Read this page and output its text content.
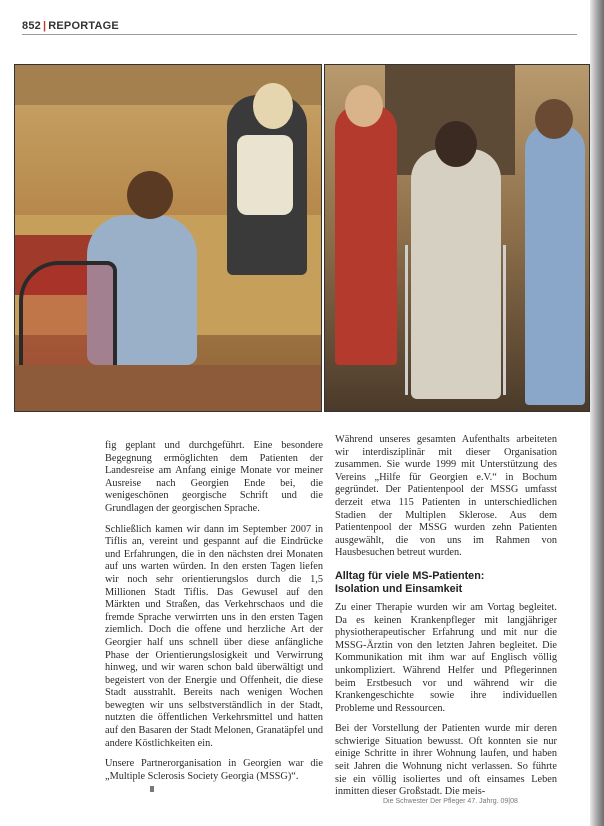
852 | REPORTAGE

fig geplant und durchgeführt. Eine besondere Begegnung ermöglichten dem Patienten der Landesreise am Anfang einige Monate vor meiner Ausreise nach Georgien Ende bei, die wenigeschönen georgische Schrift und die Grundlagen der georgischen Sprache.

Schließlich kamen wir dann im September 2007 in Tiflis an, vereint und gespannt auf die Eindrücke und Erfahrungen, die in den nächsten drei Monaten auf uns warten würden. In den ersten Tagen liefen wir noch sehr orientierungslos durch die 1,5 Millionen Stadt Tiflis. Das Gewusel auf den Märkten und Straßen, das Verkehrschaos und die fremde Sprache verwirrten uns in den ersten Tagen ziemlich. Doch die offene und herzliche Art der Georgier half uns schnell über diese anfängliche Phase der Orientierungslosigkeit und Verwirrung hinweg, und wir waren schon bald überwältigt und begeistert von der Energie und Offenheit, die diese Stadt ausstrahlt. Bereits nach wenigen Wochen bewegten wir uns selbstverständlich in der Stadt, nutzten die öffentlichen Verkehrsmittel und hatten auf den Basaren der Stadt Melonen, Granatäpfel und andere Köstlichkeiten ein.

Unsere Partnerorganisation in Georgien war die „Multiple Sclerosis Society Georgia (MSSG)“.

Während unseres gesamten Aufenthalts arbeiteten wir interdisziplinär mit dieser Organisation zusammen. Sie wurde 1999 mit Unterstützung des Vereins „Hilfe für Georgien e.V.“ in Bochum gegründet. Der Patientenpool der MSSG umfasst derzeit etwa 115 Patienten in unterschiedlichen Stadien der Multiplen Sklerose. Aus dem Patientenpool der MSSG wurden zehn Patienten ausgewählt, die von uns im Rahmen von Hausbesuchen betreut wurden.

Alltag für viele MS-Patienten:
Isolation und Einsamkeit

Zu einer Therapie wurden wir am Vortag begleitet. Da es keinen Krankenpfleger mit langjähriger physiotherapeutischer Erfahrung und mit nur die MSSG-Ärztin von den letzten Jahren begleitet. Die Kommunikation mit ihm war auf Englisch völlig unkompliziert. Während Helfer und Pflegerinnen beim Erstbesuch vor und während wir die Krankengeschichte sowie ihre individuellen Probleme und Ressourcen.

Bei der Vorstellung der Patienten wurde mir deren schwierige Situation bewusst. Oft konnten sie nur einige Schritte in ihrer Wohnung laufen, und haben seit Jahren die Wohnung nicht verlassen. So führte sie ein völlig isoliertes und oft einsames Leben inmitten dieser Großstadt. Die meis-

Die Schwester Der Pfleger 47. Jahrg. 09|08
